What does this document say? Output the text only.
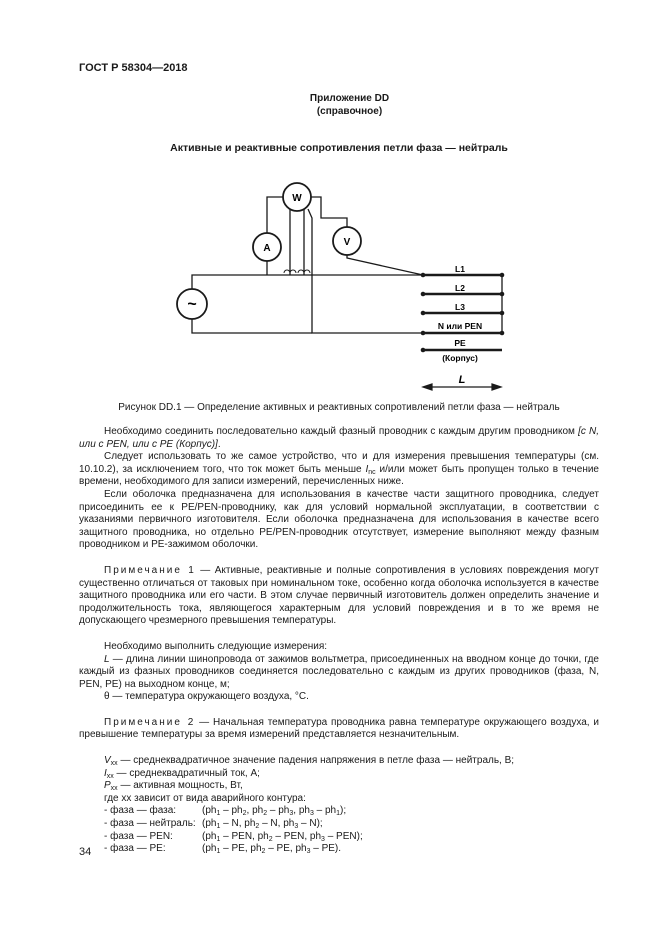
ГОСТ Р 58304—2018
Приложение DD
(справочное)
Активные и реактивные сопротивления петли фаза — нейтраль
W
A
V
~
L1
L2
L3
N или PEN
PE
(Корпус)
L
Рисунок DD.1 — Определение активных и реактивных сопротивлений петли фаза — нейтраль

Необходимо соединить последовательно каждый фазный проводник с каждым другим проводником [с N, или с PEN, или с PE (Корпус)].

Следует использовать то же самое устройство, что и для измерения превышения температуры (см. 10.10.2), за исключением того, что ток может быть меньше $I_{nc}$ и/или может быть пропущен только в течение времени, необходимого для записи измерений, перечисленных ниже.

Если оболочка предназначена для использования в качестве части защитного проводника, следует присоединить ее к PE/PEN-проводнику, как для условий нормальной эксплуатации, в соответствии с указаниями первичного изготовителя. Если оболочка предназначена для использования в качестве всего защитного проводника, но отдельно PE/PEN-проводник отсутствует, измерение выполняют между фазным проводником и PE-зажимом оболочки.

Примечание 1 — Активные, реактивные и полные сопротивления в условиях повреждения могут существенно отличаться от таковых при номинальном токе, особенно когда оболочка используется в качестве защитного проводника или его части. В этом случае первичный изготовитель должен определить значение и продолжительность тока, являющегося характерным для условий повреждения и в то же время не допускающего чрезмерного превышения температуры.

Необходимо выполнить следующие измерения:

L — длина линии шинопровода от зажимов вольтметра, присоединенных на вводном конце до точки, где каждый из фазных проводников соединяется последовательно с каждым из других проводников (фаза, N, PEN, PE) на выходном конце, м;

θ — температура окружающего воздуха, °С.

Примечание 2 — Начальная температура проводника равна температуре окружающего воздуха, и превышение температуры за время измерений представляется незначительным.

$V_{xx}$ — среднеквадратичное значение падения напряжения в петле фаза — нейтраль, В;

$I_{xx}$ — среднеквадратичный ток, А;

$P_{xx}$ — активная мощность, Вт,

где хх зависит от вида аварийного контура:

- фаза — фаза:	($ph_1 - ph_2$, $ph_2 - ph_3$, $ph_3 - ph_1$);
- фаза — нейтраль: ($ph_1$ – N, $ph_2$ – N, $ph_3 - N$);
- фаза — PEN:	($ph_1$ – PEN, $ph_2$ – PEN, $ph_3 - PEN$);
- фаза — PE:	($ph_1$ – PE, $ph_2$ – PE, $ph_3 - PE$).
34
